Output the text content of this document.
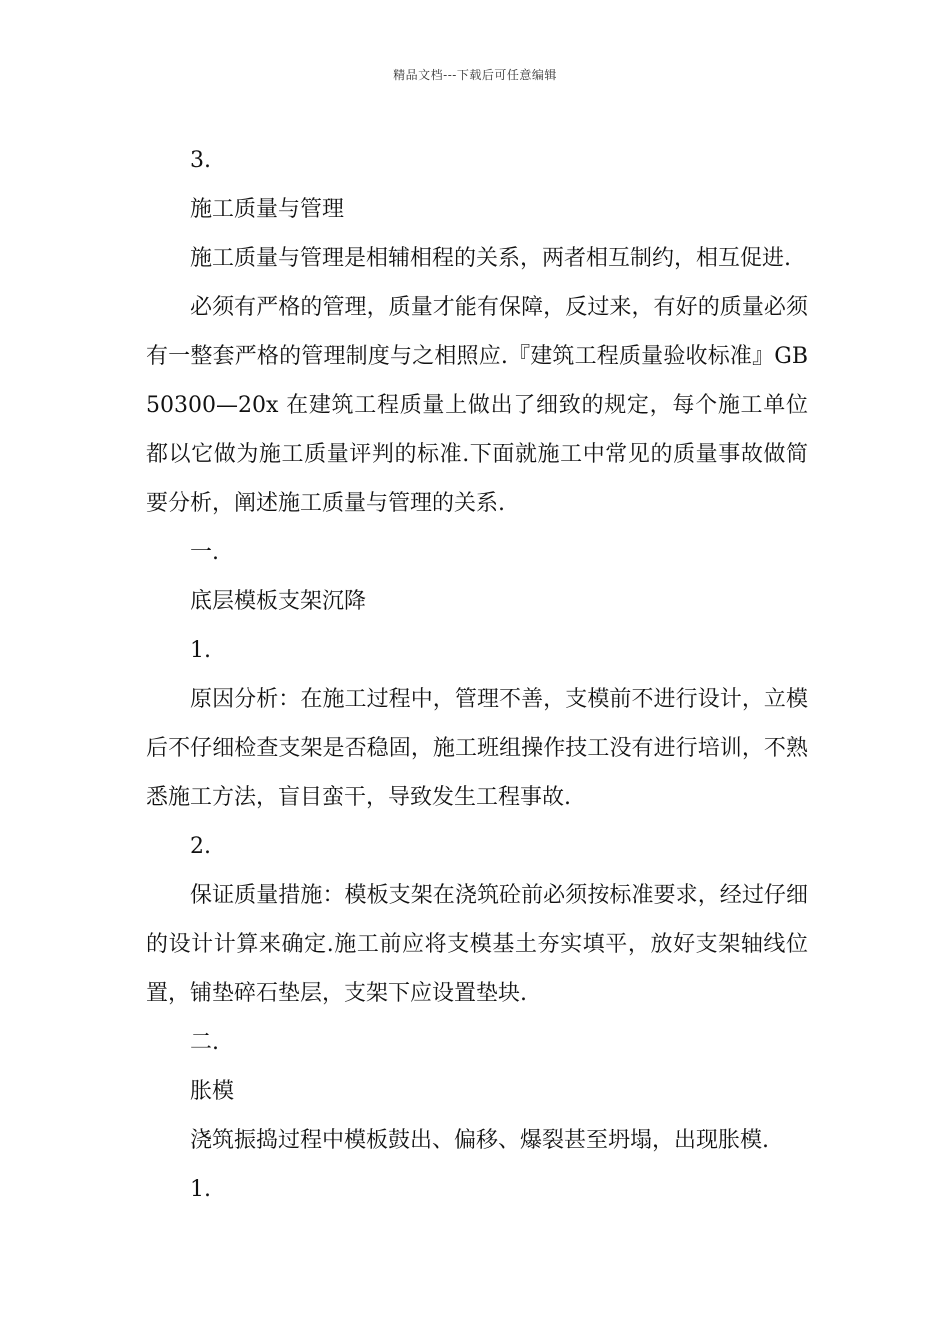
精品文档---下载后可任意编辑

3.

施工质量与管理

施工质量与管理是相辅相程的关系，两者相互制约，相互促进.

必须有严格的管理，质量才能有保障，反过来，有好的质量必须有一整套严格的管理制度与之相照应.『建筑工程质量验收标准』GB50300—20x 在建筑工程质量上做出了细致的规定，每个施工单位都以它做为施工质量评判的标准.下面就施工中常见的质量事故做简要分析，阐述施工质量与管理的关系.

一.

底层模板支架沉降

1.

原因分析：在施工过程中，管理不善，支模前不进行设计，立模后不仔细检查支架是否稳固，施工班组操作技工没有进行培训，不熟悉施工方法，盲目蛮干，导致发生工程事故.

2.

保证质量措施：模板支架在浇筑砼前必须按标准要求，经过仔细的设计计算来确定.施工前应将支模基土夯实填平，放好支架轴线位置，铺垫碎石垫层，支架下应设置垫块.

二.

胀模

浇筑振捣过程中模板鼓出、偏移、爆裂甚至坍塌，出现胀模.

1.
